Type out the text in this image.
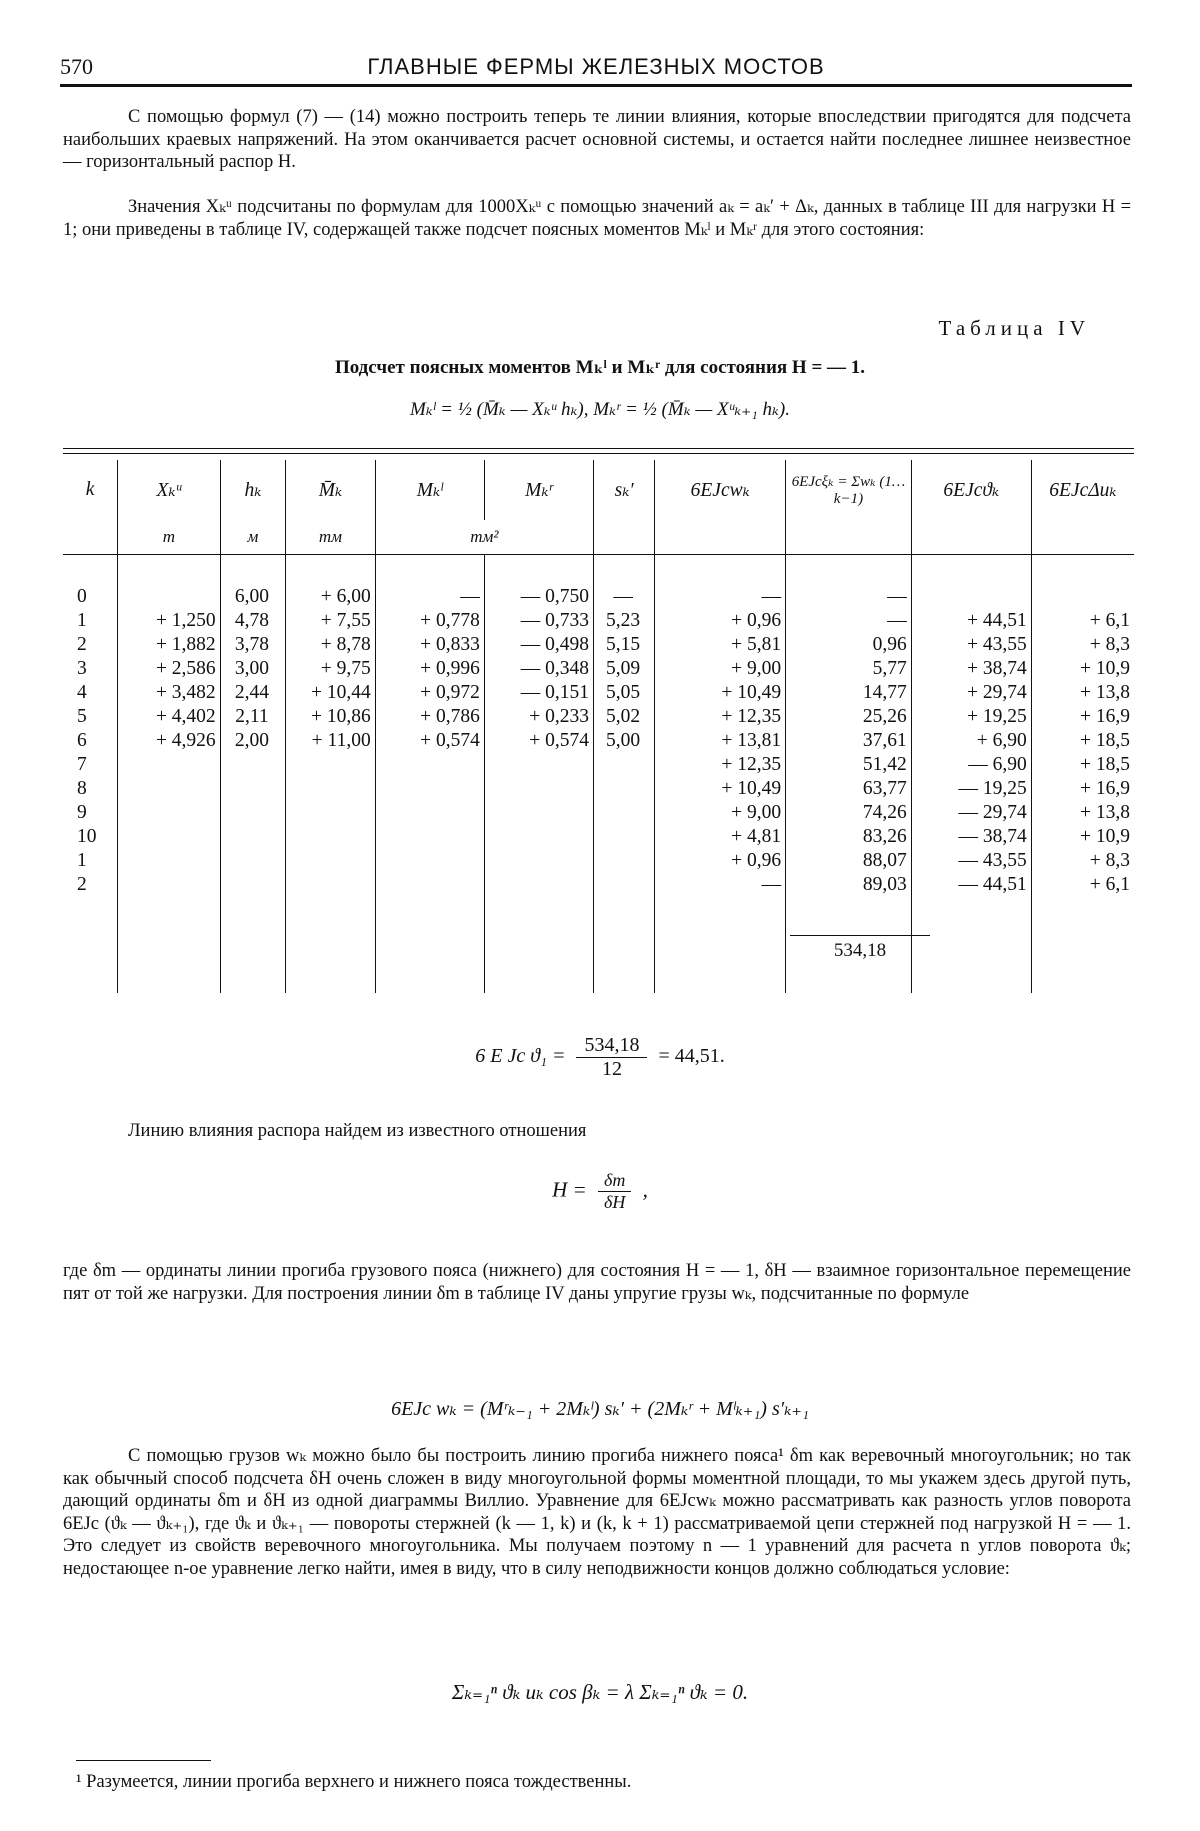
570	ГЛАВНЫЕ ФЕРМЫ ЖЕЛЕЗНЫХ МОСТОВ

С помощью формул (7) — (14) можно построить теперь те линии влияния, которые впоследствии пригодятся для подсчета наибольших краевых напряжений. На этом оканчивается расчет основной системы, и остается найти последнее лишнее неизвестное — горизонтальный распор H.

Значения Xₖᵘ подсчитаны по формулам для 1000Xₖᵘ с помощью значений aₖ = aₖ′ + Δₖ, данных в таблице III для нагрузки H = 1; они приведены в таблице IV, содержащей также подсчет поясных моментов Mₖˡ и Mₖʳ для этого состояния:

Таблица IV
Подсчет поясных моментов Mₖˡ и Mₖʳ для состояния H = — 1.
Mₖˡ = ½ (M̄ₖ — Xₖᵘ hₖ), Mₖʳ = ½ (M̄ₖ — Xᵘₖ₊₁ hₖ).
k	Xₖᵘ	hₖ	M̄ₖ	Mₖˡ	Mₖʳ	sₖ′	6EJcwₖ	6EJcξₖ = Σwₖ (1…k−1)	6EJcϑₖ	6EJcΔuₖ
	m	м	тм	тм²						

0		6,00	+ 6,00	—	— 0,750	—	—	—		
1	+ 1,250	4,78	+ 7,55	+ 0,778	— 0,733	5,23	+ 0,96	—	+ 44,51	+ 6,1
2	+ 1,882	3,78	+ 8,78	+ 0,833	— 0,498	5,15	+ 5,81	0,96	+ 43,55	+ 8,3
3	+ 2,586	3,00	+ 9,75	+ 0,996	— 0,348	5,09	+ 9,00	5,77	+ 38,74	+ 10,9
4	+ 3,482	2,44	+ 10,44	+ 0,972	— 0,151	5,05	+ 10,49	14,77	+ 29,74	+ 13,8
5	+ 4,402	2,11	+ 10,86	+ 0,786	+ 0,233	5,02	+ 12,35	25,26	+ 19,25	+ 16,9
6	+ 4,926	2,00	+ 11,00	+ 0,574	+ 0,574	5,00	+ 13,81	37,61	+ 6,90	+ 18,5
7							+ 12,35	51,42	— 6,90	+ 18,5
8							+ 10,49	63,77	— 19,25	+ 16,9
9							+ 9,00	74,26	— 29,74	+ 13,8
10							+ 4,81	83,26	— 38,74	+ 10,9
1							+ 0,96	88,07	— 43,55	+ 8,3
2							—	89,03	— 44,51	+ 6,1

534,18
6 E Jc $ϑ_1 = \frac{534,18}{12} = 44,51$.

Линию влияния распора найдем из известного отношения

$H = \frac{\delta m}{\delta H}$ ,

где δm — ординаты линии прогиба грузового пояса (нижнего) для состояния H = — 1, δH — взаимное горизонтальное перемещение пят от той же нагрузки. Для построения линии δm в таблице IV даны упругие грузы wₖ, подсчитанные по формуле

6EJc wₖ = (Mʳₖ₋₁ + 2Mₖˡ) sₖ′ + (2Mₖʳ + Mˡₖ₊₁) s′ₖ₊₁

С помощью грузов wₖ можно было бы построить линию прогиба нижнего пояса¹ δm как веревочный многоугольник; но так как обычный способ подсчета δH очень сложен в виду многоугольной формы моментной площади, то мы укажем здесь другой путь, дающий ординаты δm и δH из одной диаграммы Виллио. Уравнение для 6EJcwₖ можно рассматривать как разность углов поворота 6EJc (ϑₖ — ϑₖ₊₁), где ϑₖ и ϑₖ₊₁ — повороты стержней (k — 1, k) и (k, k + 1) рассматриваемой цепи стержней под нагрузкой H = — 1. Это следует из свойств веревочного многоугольника. Мы получаем поэтому n — 1 уравнений для расчета n углов поворота ϑₖ; недостающее n-ое уравнение легко найти, имея в виду, что в силу неподвижности концов должно соблюдаться условие:

Σₖ₌₁ⁿ ϑₖ uₖ cos βₖ = λ Σₖ₌₁ⁿ ϑₖ = 0.
¹ Разумеется, линии прогиба верхнего и нижнего пояса тождественны.
